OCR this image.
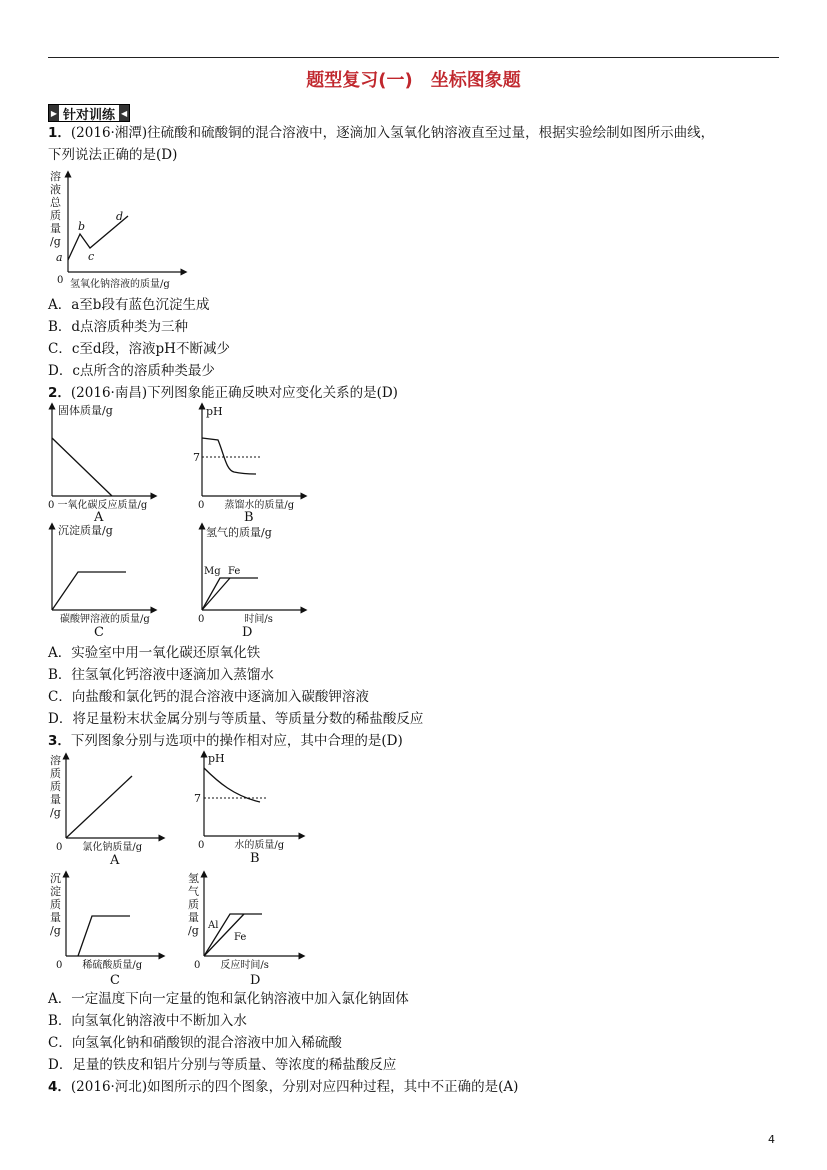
题型复习(一)　坐标图象题
▶ 针对训练 ◀
1．(2016·湘潭)往硫酸和硫酸铜的混合溶液中，逐滴加入氢氧化钠溶液直至过量，根据实验绘制如图所示曲线，
下列说法正确的是(D)
溶
液
总
质
量
/g
a
b
c
d
0 氢氧化钠溶液的质量/g
A．a至b段有蓝色沉淀生成
B．d点溶质种类为三种
C．c至d段，溶液pH不断减少
D．c点所含的溶质种类最少
2．(2016·南昌)下列图象能正确反映对应变化关系的是(D)
固体质量/g
0 一氧化碳反应质量/g
A
pH
7
0　　蒸馏水的质量/g
B
沉淀质量/g
碳酸钾溶液的质量/g
C
氢气的质量/g
Mg Fe
0　　　　时间/s
D
A．实验室中用一氧化碳还原氧化铁
B．往氢氧化钙溶液中逐滴加入蒸馏水
C．向盐酸和氯化钙的混合溶液中逐滴加入碳酸钾溶液
D．将足量粉末状金属分别与等质量、等质量分数的稀盐酸反应
3．下列图象分别与选项中的操作相对应，其中合理的是(D)
溶
质
质
量
/g
0　　氯化钠质量/g
A
pH
7
0　　　水的质量/g
B
沉
淀
质
量
/g
0　　稀硫酸质量/g
C
氢
气
质
量
/g Al
Fe
0　　反应时间/s
D
A．一定温度下向一定量的饱和氯化钠溶液中加入氯化钠固体
B．向氢氧化钠溶液中不断加入水
C．向氢氧化钠和硝酸钡的混合溶液中加入稀硫酸
D．足量的铁皮和铝片分别与等质量、等浓度的稀盐酸反应
4．(2016·河北)如图所示的四个图象，分别对应四种过程，其中不正确的是(A)
4
